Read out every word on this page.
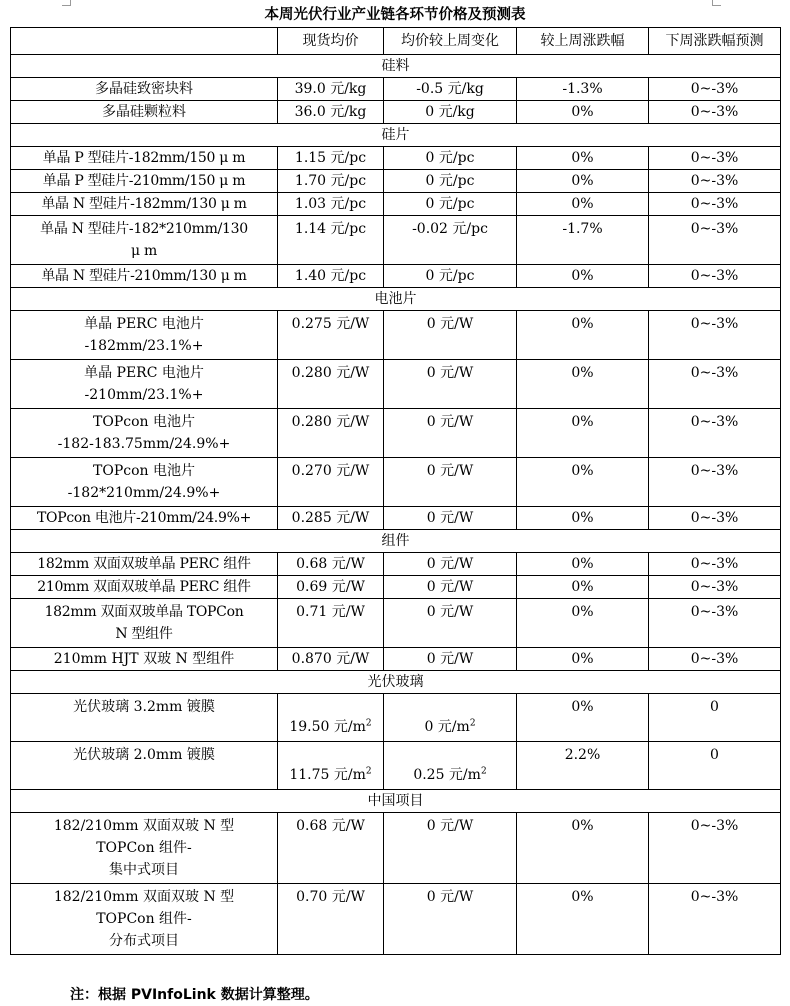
本周光伏行业产业链各环节价格及预测表
	现货均价	均价较上周变化	较上周涨跌幅	下周涨跌幅预测
硅料				
多晶硅致密块料	39.0 元/kg	-0.5 元/kg	-1.3%	0~-3%
多晶硅颗粒料	36.0 元/kg	0 元/kg	0%	0~-3%
硅片				
单晶 P 型硅片-182mm/150 μ m	1.15 元/pc	0 元/pc	0%	0~-3%
单晶 P 型硅片-210mm/150 μ m	1.70 元/pc	0 元/pc	0%	0~-3%
单晶 N 型硅片-182mm/130 μ m	1.03 元/pc	0 元/pc	0%	0~-3%

单晶 N 型硅片-182*210mm/130
μ m	1.14 元/pc	-0.02 元/pc	-1.7%	0~-3%
单晶 N 型硅片-210mm/130 μ m	1.40 元/pc	0 元/pc	0%	0~-3%
电池片				

单晶 PERC 电池片
-182mm/23.1%+	0.275 元/W	0 元/W	0%	0~-3%

单晶 PERC 电池片
-210mm/23.1%+	0.280 元/W	0 元/W	0%	0~-3%

TOPcon 电池片
-182-183.75mm/24.9%+	0.280 元/W	0 元/W	0%	0~-3%

TOPcon 电池片
-182*210mm/24.9%+	0.270 元/W	0 元/W	0%	0~-3%
TOPcon 电池片-210mm/24.9%+	0.285 元/W	0 元/W	0%	0~-3%
组件				
182mm 双面双玻单晶 PERC 组件	0.68 元/W	0 元/W	0%	0~-3%
210mm 双面双玻单晶 PERC 组件	0.69 元/W	0 元/W	0%	0~-3%

182mm 双面双玻单晶 TOPCon
N 型组件	0.71 元/W	0 元/W	0%	0~-3%
210mm HJT 双玻 N 型组件	0.870 元/W	0 元/W	0%	0~-3%
光伏玻璃				
光伏玻璃 3.2mm 镀膜	19.50 元$/m^2$	0 元$/m^2$	0%	0
光伏玻璃 2.0mm 镀膜	11.75 元$/m^2$	0.25 元$/m^2$	2.2%	0
中国项目				

182/210mm 双面双玻 N 型
TOPCon 组件-
集中式项目	0.68 元/W	0 元/W	0%	0~-3%

182/210mm 双面双玻 N 型
TOPCon 组件-
分布式项目	0.70 元/W	0 元/W	0%	0~-3%
注：根据 PVInfoLink 数据计算整理。
